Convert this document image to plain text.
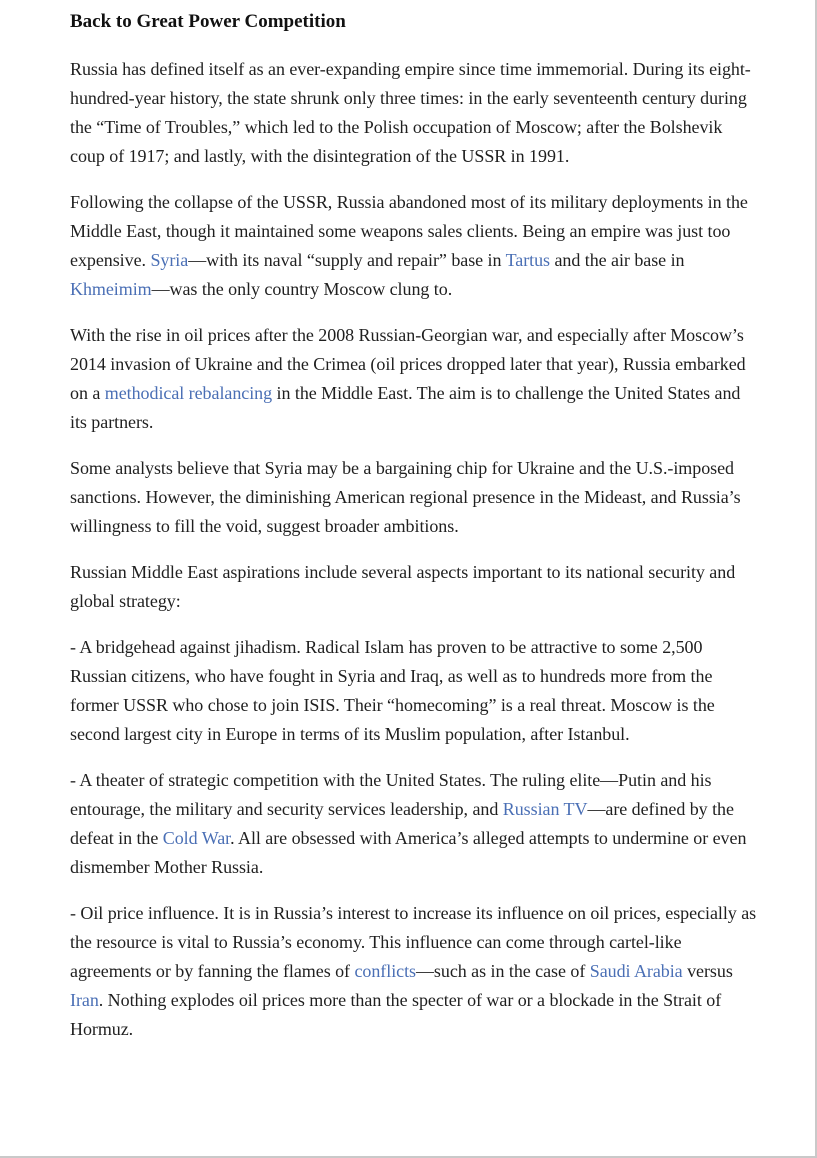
Back to Great Power Competition

Russia has defined itself as an ever-expanding empire since time immemorial. During its eight-hundred-year history, the state shrunk only three times: in the early seventeenth century during the “Time of Troubles,” which led to the Polish occupation of Moscow; after the Bolshevik coup of 1917; and lastly, with the disintegration of the USSR in 1991.

Following the collapse of the USSR, Russia abandoned most of its military deployments in the Middle East, though it maintained some weapons sales clients. Being an empire was just too expensive. Syria—with its naval “supply and repair” base in Tartus and the air base in Khmeimim—was the only country Moscow clung to.

With the rise in oil prices after the 2008 Russian-Georgian war, and especially after Moscow’s 2014 invasion of Ukraine and the Crimea (oil prices dropped later that year), Russia embarked on a methodical rebalancing in the Middle East. The aim is to challenge the United States and its partners.

Some analysts believe that Syria may be a bargaining chip for Ukraine and the U.S.-imposed sanctions. However, the diminishing American regional presence in the Mideast, and Russia’s willingness to fill the void, suggest broader ambitions.

Russian Middle East aspirations include several aspects important to its national security and global strategy:

- A bridgehead against jihadism. Radical Islam has proven to be attractive to some 2,500 Russian citizens, who have fought in Syria and Iraq, as well as to hundreds more from the former USSR who chose to join ISIS. Their “homecoming” is a real threat. Moscow is the second largest city in Europe in terms of its Muslim population, after Istanbul.

- A theater of strategic competition with the United States. The ruling elite—Putin and his entourage, the military and security services leadership, and Russian TV—are defined by the defeat in the Cold War. All are obsessed with America’s alleged attempts to undermine or even dismember Mother Russia.

- Oil price influence. It is in Russia’s interest to increase its influence on oil prices, especially as the resource is vital to Russia’s economy. This influence can come through cartel-like agreements or by fanning the flames of conflicts—such as in the case of Saudi Arabia versus Iran. Nothing explodes oil prices more than the specter of war or a blockade in the Strait of Hormuz.
